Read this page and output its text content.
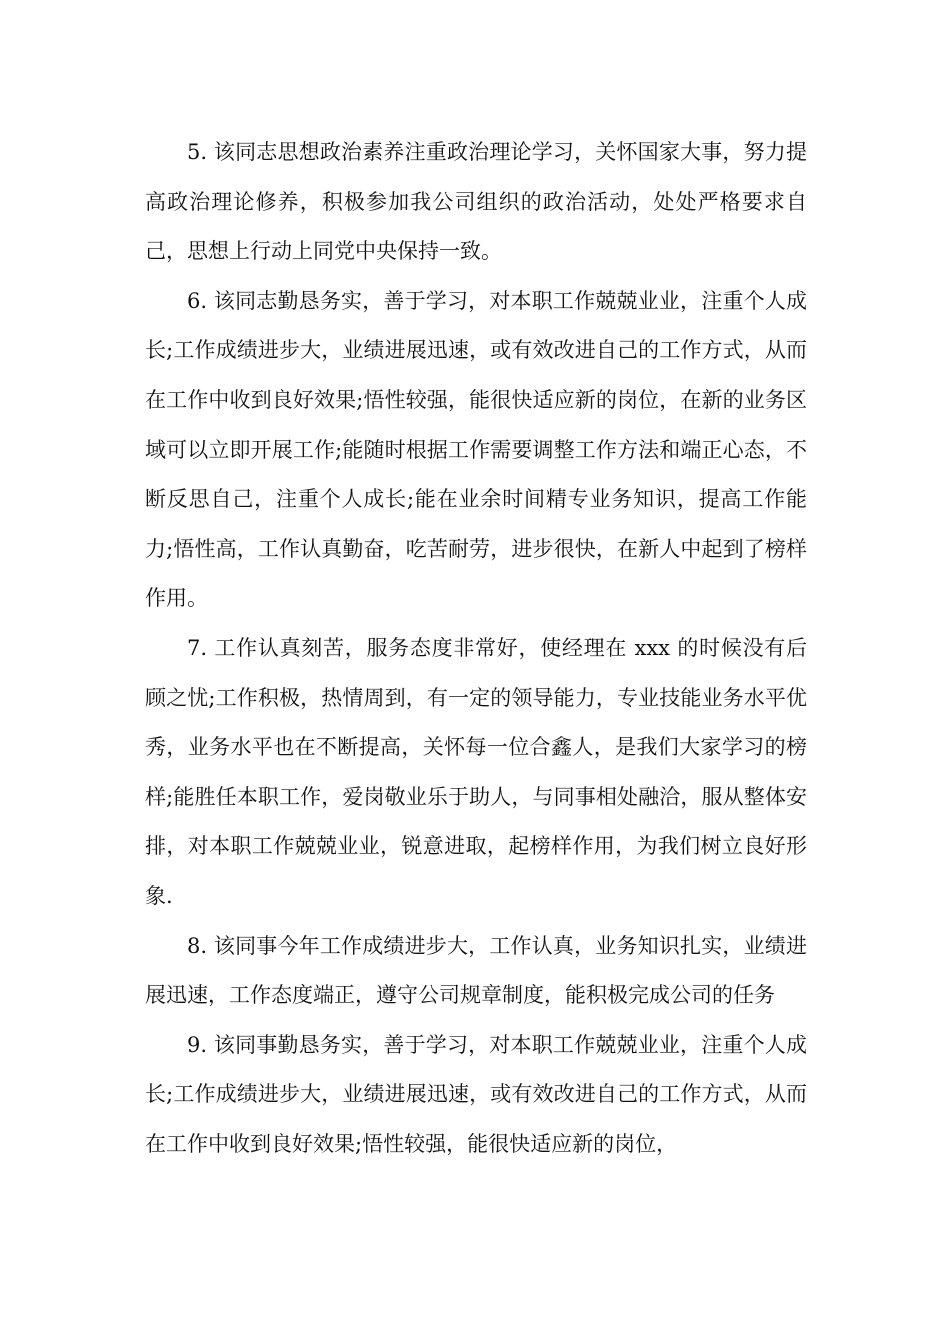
5. 该同志思想政治素养注重政治理论学习，关怀国家大事，努力提高政治理论修养，积极参加我公司组织的政治活动，处处严格要求自己，思想上行动上同党中央保持一致。

6. 该同志勤恳务实，善于学习，对本职工作兢兢业业，注重个人成长;工作成绩进步大，业绩进展迅速，或有效改进自己的工作方式，从而在工作中收到良好效果;悟性较强，能很快适应新的岗位，在新的业务区域可以立即开展工作;能随时根据工作需要调整工作方法和端正心态，不断反思自己，注重个人成长;能在业余时间精专业务知识，提高工作能力;悟性高，工作认真勤奋，吃苦耐劳，进步很快，在新人中起到了榜样作用。

7. 工作认真刻苦，服务态度非常好，使经理在 xxx 的时候没有后顾之忧;工作积极，热情周到，有一定的领导能力，专业技能业务水平优秀，业务水平也在不断提高，关怀每一位合鑫人，是我们大家学习的榜样;能胜任本职工作，爱岗敬业乐于助人，与同事相处融洽，服从整体安排，对本职工作兢兢业业，锐意进取，起榜样作用，为我们树立良好形象.

8. 该同事今年工作成绩进步大，工作认真，业务知识扎实，业绩进展迅速，工作态度端正，遵守公司规章制度，能积极完成公司的任务

9. 该同事勤恳务实，善于学习，对本职工作兢兢业业，注重个人成长;工作成绩进步大，业绩进展迅速，或有效改进自己的工作方式，从而在工作中收到良好效果;悟性较强，能很快适应新的岗位，
